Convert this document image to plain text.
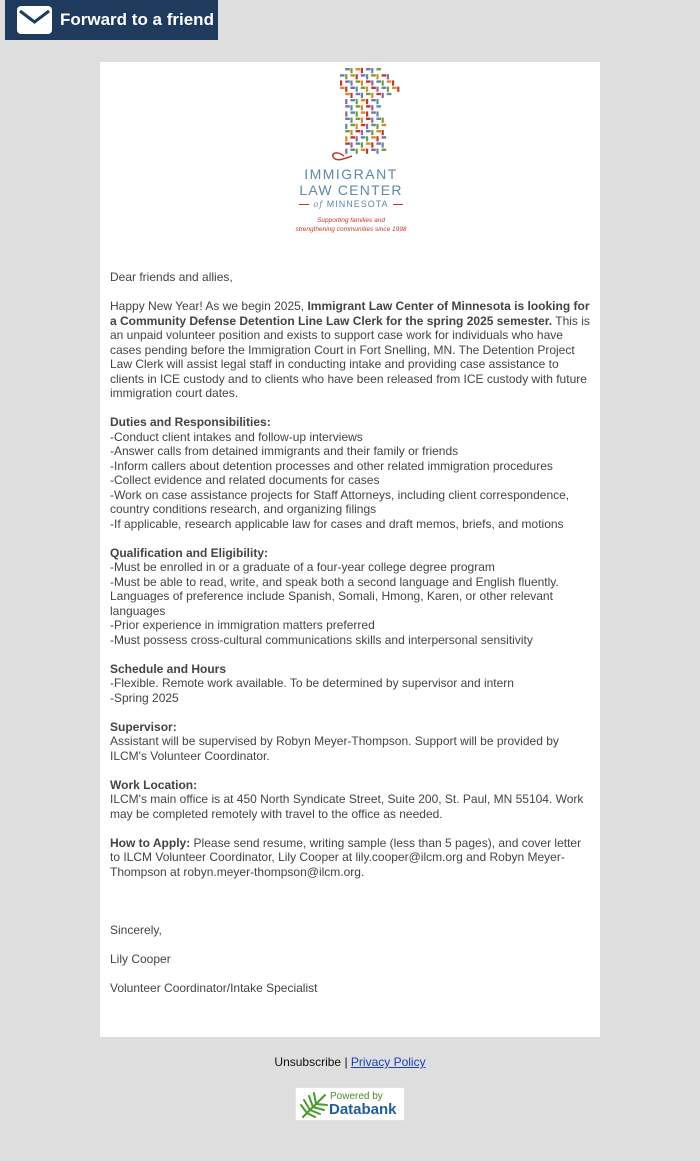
Forward to a friend
IMMIGRANT
LAW CENTER
of MINNESOTA
Supporting families and
strengthening communities since 1998

Dear friends and allies,

Happy New Year! As we begin 2025, Immigrant Law Center of Minnesota is looking for a Community Defense Detention Line Law Clerk for the spring 2025 semester. This is an unpaid volunteer position and exists to support case work for individuals who have cases pending before the Immigration Court in Fort Snelling, MN. The Detention Project Law Clerk will assist legal staff in conducting intake and providing case assistance to clients in ICE custody and to clients who have been released from ICE custody with future immigration court dates.

Duties and Responsibilities:
-Conduct client intakes and follow-up interviews
-Answer calls from detained immigrants and their family or friends
-Inform callers about detention processes and other related immigration procedures
-Collect evidence and related documents for cases
-Work on case assistance projects for Staff Attorneys, including client correspondence, country conditions research, and organizing filings
-If applicable, research applicable law for cases and draft memos, briefs, and motions

Qualification and Eligibility:
-Must be enrolled in or a graduate of a four-year college degree program
-Must be able to read, write, and speak both a second language and English fluently. Languages of preference include Spanish, Somali, Hmong, Karen, or other relevant languages
-Prior experience in immigration matters preferred
-Must possess cross-cultural communications skills and interpersonal sensitivity

Schedule and Hours
-Flexible. Remote work available. To be determined by supervisor and intern
-Spring 2025

Supervisor:
Assistant will be supervised by Robyn Meyer-Thompson. Support will be provided by ILCM's Volunteer Coordinator.

Work Location:
ILCM's main office is at 450 North Syndicate Street, Suite 200, St. Paul, MN 55104. Work may be completed remotely with travel to the office as needed.

How to Apply: Please send resume, writing sample (less than 5 pages), and cover letter to ILCM Volunteer Coordinator, Lily Cooper at lily.cooper@ilcm.org and Robyn Meyer-Thompson at robyn.meyer-thompson@ilcm.org.

Sincerely,

Lily Cooper

Volunteer Coordinator/Intake Specialist

Unsubscribe | Privacy Policy
Powered by
Databank
